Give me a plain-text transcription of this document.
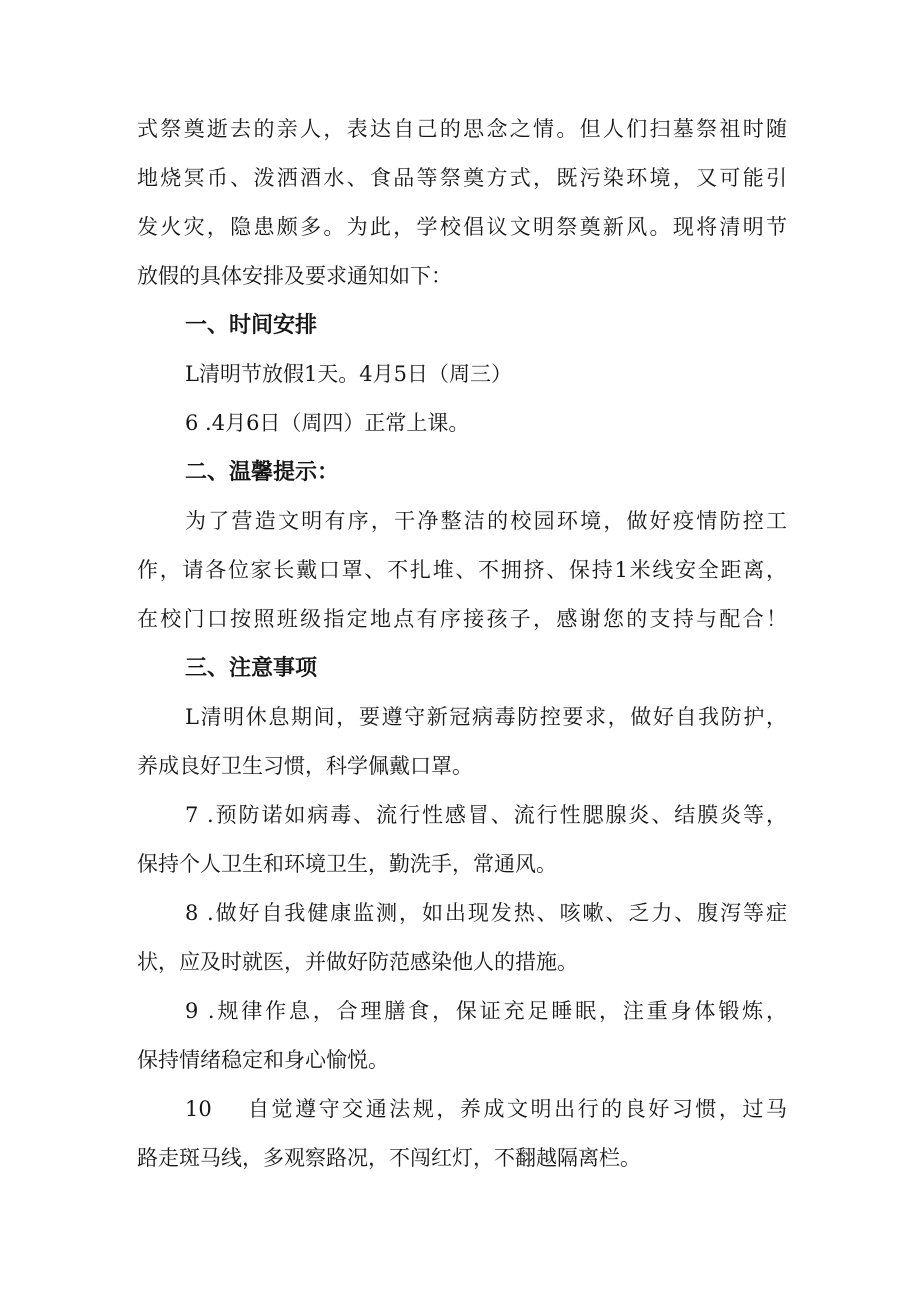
式祭奠逝去的亲人，表达自己的思念之情。但人们扫墓祭祖时随
地烧冥币、泼洒酒水、食品等祭奠方式，既污染环境，又可能引
发火灾，隐患颇多。为此，学校倡议文明祭奠新风。现将清明节
放假的具体安排及要求通知如下：
一、时间安排
L清明节放假1天。4月5日（周三）
6 .4月6日（周四）正常上课。
二、温馨提示：
为了营造文明有序，干净整洁的校园环境，做好疫情防控工
作，请各位家长戴口罩、不扎堆、不拥挤、保持1米线安全距离，
在校门口按照班级指定地点有序接孩子，感谢您的支持与配合！
三、注意事项
L清明休息期间，要遵守新冠病毒防控要求，做好自我防护，
养成良好卫生习惯，科学佩戴口罩。
7 .预防诺如病毒、流行性感冒、流行性腮腺炎、结膜炎等，
保持个人卫生和环境卫生，勤洗手，常通风。
8 .做好自我健康监测，如出现发热、咳嗽、乏力、腹泻等症
状，应及时就医，并做好防范感染他人的措施。
9 .规律作息，合理膳食，保证充足睡眠，注重身体锻炼，
保持情绪稳定和身心愉悦。
10	自觉遵守交通法规，养成文明出行的良好习惯，过马
路走斑马线，多观察路况，不闯红灯，不翻越隔离栏。
